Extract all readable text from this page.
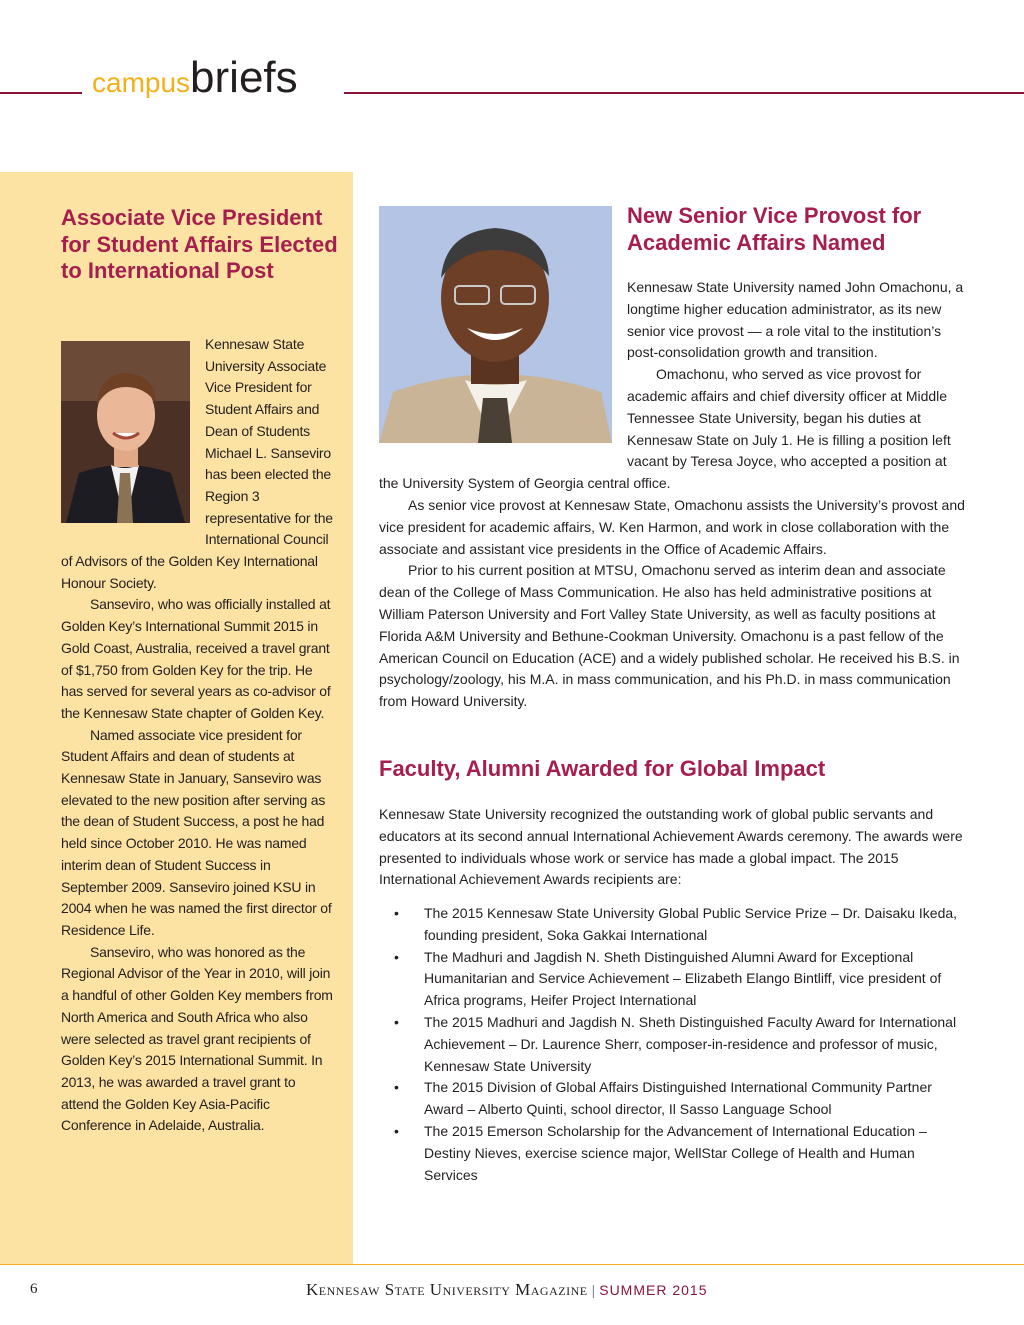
campusbriefs
Associate Vice President for Student Affairs Elected to International Post

Kennesaw State University Associate Vice President for Student Affairs and Dean of Students Michael L. Sanseviro has been elected the Region 3 representative for the International Council of Advisors of the Golden Key International Honour Society.

Sanseviro, who was officially installed at Golden Key’s International Summit 2015 in Gold Coast, Australia, received a travel grant of $1,750 from Golden Key for the trip. He has served for several years as co-advisor of the Kennesaw State chapter of Golden Key.

Named associate vice president for Student Affairs and dean of students at Kennesaw State in January, Sanseviro was elevated to the new position after serving as the dean of Student Success, a post he had held since October 2010. He was named interim dean of Student Success in September 2009. Sanseviro joined KSU in 2004 when he was named the first director of Residence Life.

Sanseviro, who was honored as the Regional Advisor of the Year in 2010, will join a handful of other Golden Key members from North America and South Africa who also were selected as travel grant recipients of Golden Key’s 2015 International Summit. In 2013, he was awarded a travel grant to attend the Golden Key Asia-Pacific Conference in Adelaide, Australia.

New Senior Vice Provost for Academic Affairs Named

Kennesaw State University named John Omachonu, a longtime higher education administrator, as its new senior vice provost — a role vital to the institution’s post-consolidation growth and transition.

Omachonu, who served as vice provost for academic affairs and chief diversity officer at Middle Tennessee State University, began his duties at Kennesaw State on July 1. He is filling a position left vacant by Teresa Joyce, who accepted a position at the University System of Georgia central office.

As senior vice provost at Kennesaw State, Omachonu assists the University’s provost and vice president for academic affairs, W. Ken Harmon, and work in close collaboration with the associate and assistant vice presidents in the Office of Academic Affairs.

Prior to his current position at MTSU, Omachonu served as interim dean and associate dean of the College of Mass Communication. He also has held administrative positions at William Paterson University and Fort Valley State University, as well as faculty positions at Florida A&M University and Bethune-Cookman University. Omachonu is a past fellow of the American Council on Education (ACE) and a widely published scholar. He received his B.S. in psychology/zoology, his M.A. in mass communication, and his Ph.D. in mass communication from Howard University.

Faculty, Alumni Awarded for Global Impact

Kennesaw State University recognized the outstanding work of global public servants and educators at its second annual International Achievement Awards ceremony. The awards were presented to individuals whose work or service has made a global impact. The 2015 International Achievement Awards recipients are:

• The 2015 Kennesaw State University Global Public Service Prize – Dr. Daisaku Ikeda, founding president, Soka Gakkai International
• The Madhuri and Jagdish N. Sheth Distinguished Alumni Award for Exceptional Humanitarian and Service Achievement – Elizabeth Elango Bintliff, vice president of Africa programs, Heifer Project International
• The 2015 Madhuri and Jagdish N. Sheth Distinguished Faculty Award for International Achievement – Dr. Laurence Sherr, composer-in-residence and professor of music, Kennesaw State University
• The 2015 Division of Global Affairs Distinguished International Community Partner Award – Alberto Quinti, school director, Il Sasso Language School
• The 2015 Emerson Scholarship for the Advancement of International Education – Destiny Nieves, exercise science major, WellStar College of Health and Human Services
6	Kennesaw State University Magazine | SUMMER 2015
